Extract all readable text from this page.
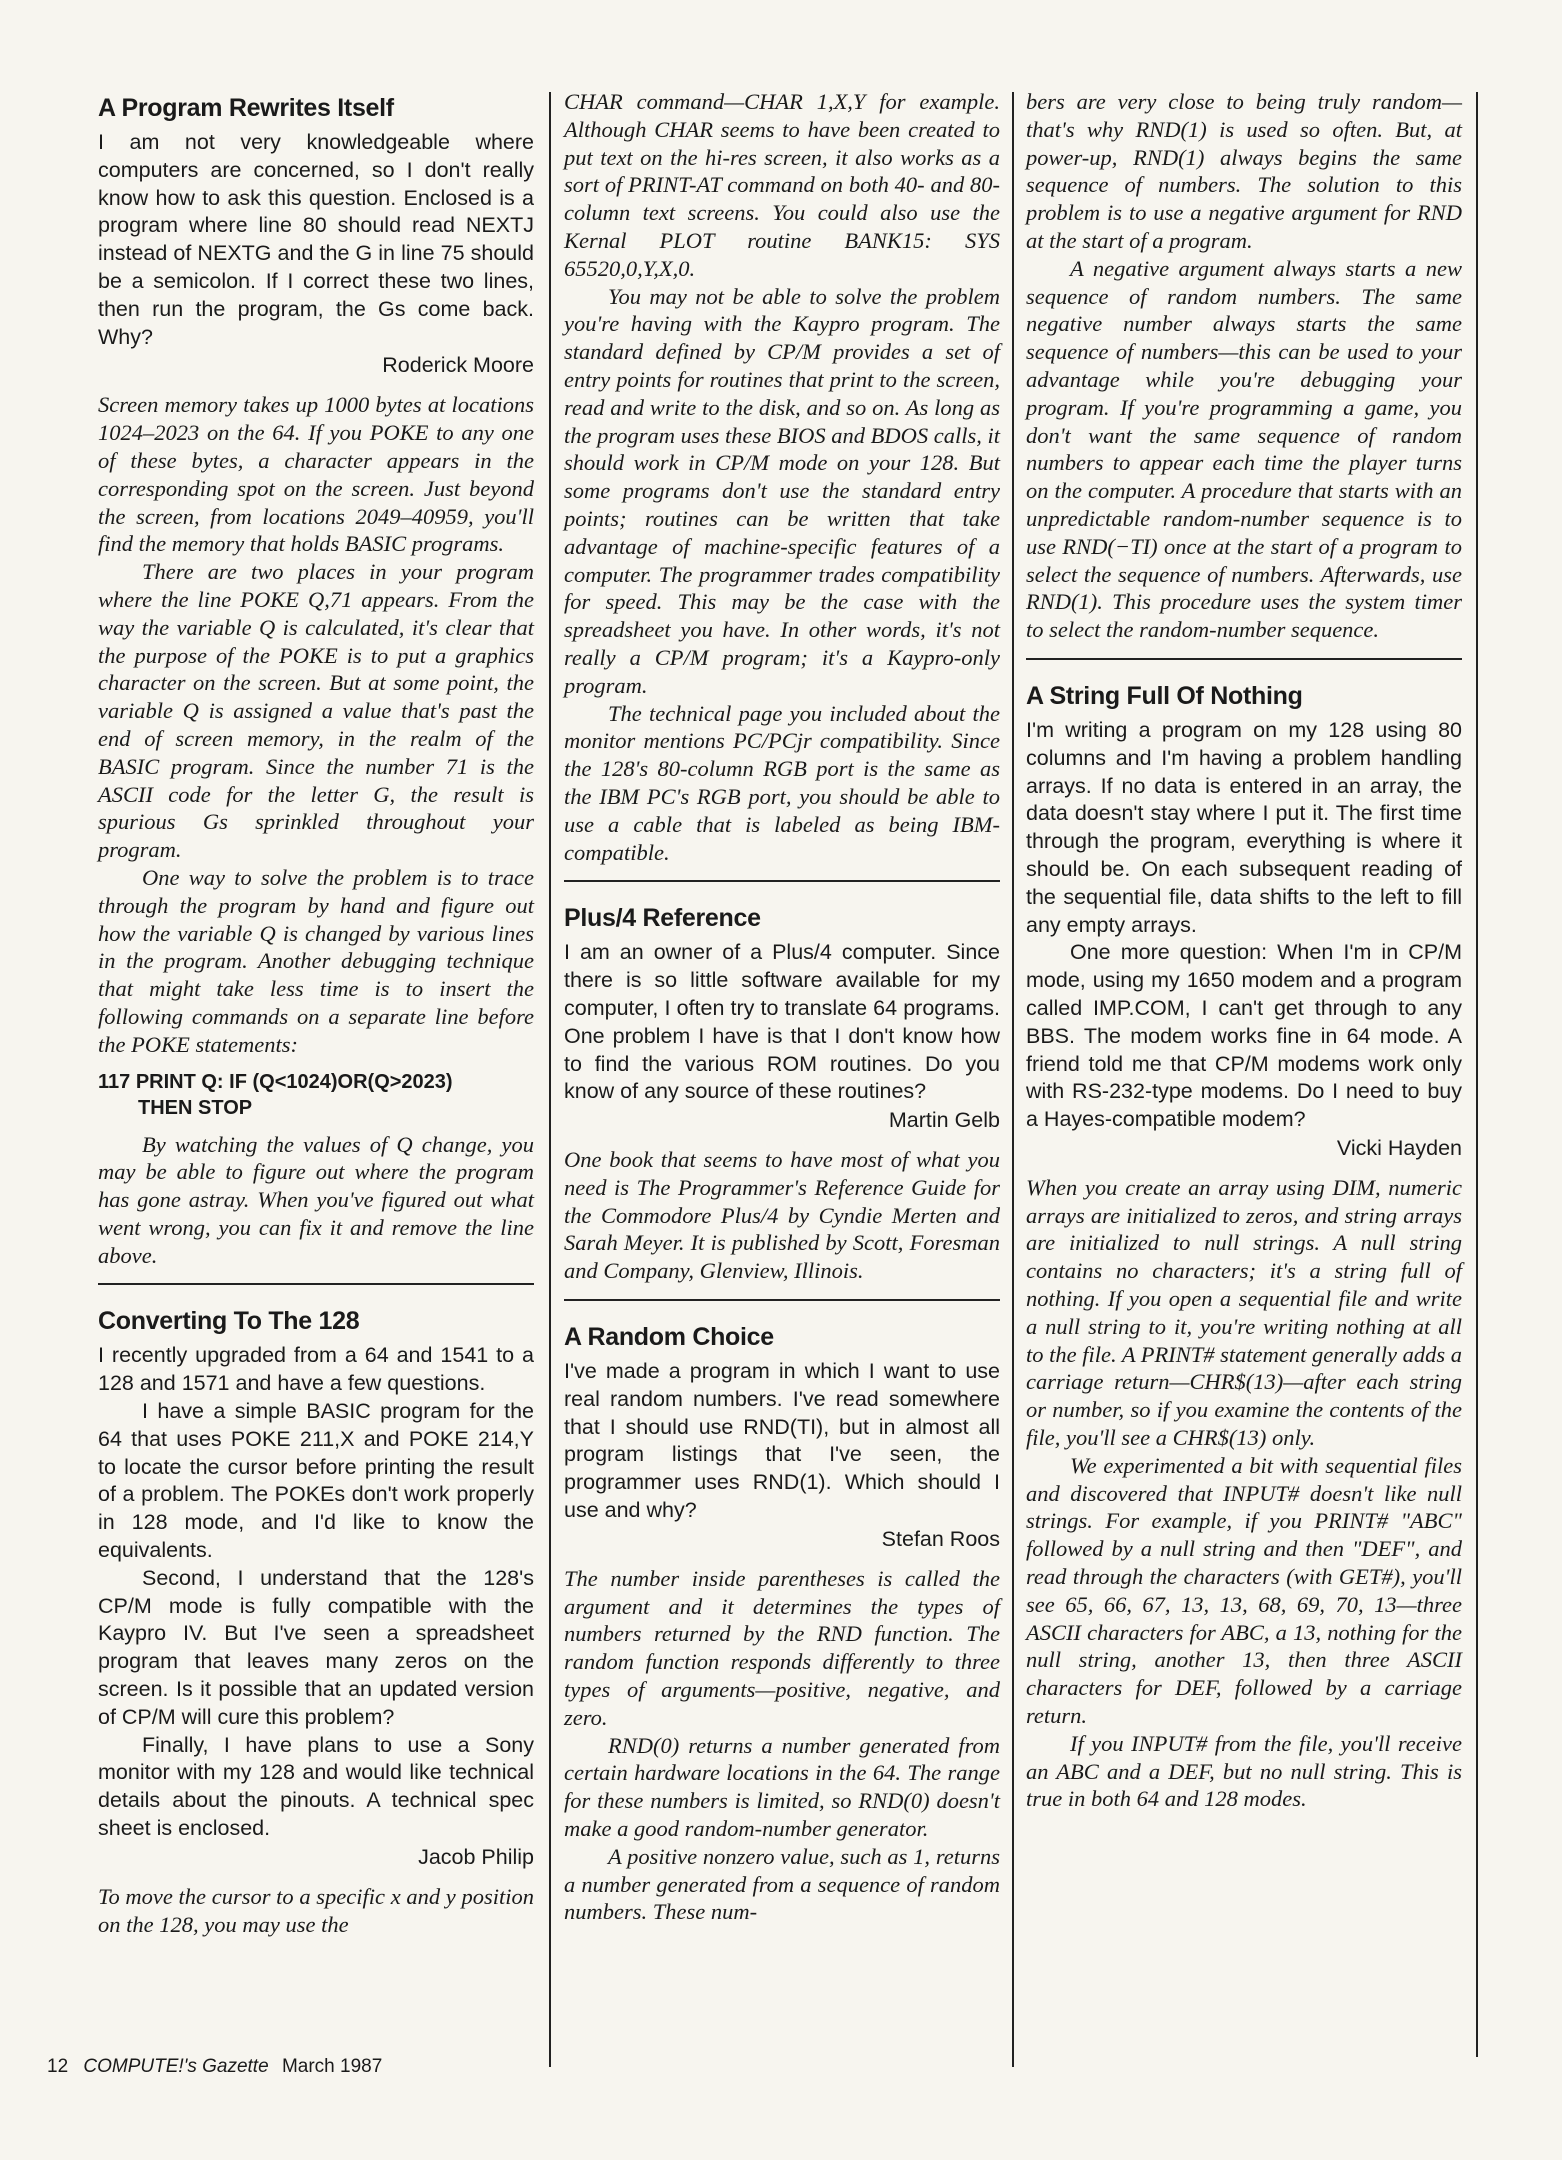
A Program Rewrites Itself

I am not very knowledgeable where computers are concerned, so I don't really know how to ask this question. Enclosed is a program where line 80 should read NEXTJ instead of NEXTG and the G in line 75 should be a semicolon. If I correct these two lines, then run the program, the Gs come back. Why?

Roderick Moore

Screen memory takes up 1000 bytes at locations 1024–2023 on the 64. If you POKE to any one of these bytes, a character appears in the corresponding spot on the screen. Just beyond the screen, from locations 2049–40959, you'll find the memory that holds BASIC programs.

There are two places in your program where the line POKE Q,71 appears. From the way the variable Q is calculated, it's clear that the purpose of the POKE is to put a graphics character on the screen. But at some point, the variable Q is assigned a value that's past the end of screen memory, in the realm of the BASIC program. Since the number 71 is the ASCII code for the letter G, the result is spurious Gs sprinkled throughout your program.

One way to solve the problem is to trace through the program by hand and figure out how the variable Q is changed by various lines in the program. Another debugging technique that might take less time is to insert the following commands on a separate line before the POKE statements:

117 PRINT Q: IF (Q<1024)OR(Q>2023)
THEN STOP

By watching the values of Q change, you may be able to figure out where the program has gone astray. When you've figured out what went wrong, you can fix it and remove the line above.

Converting To The 128

I recently upgraded from a 64 and 1541 to a 128 and 1571 and have a few questions.

I have a simple BASIC program for the 64 that uses POKE 211,X and POKE 214,Y to locate the cursor before printing the result of a problem. The POKEs don't work properly in 128 mode, and I'd like to know the equivalents.

Second, I understand that the 128's CP/M mode is fully compatible with the Kaypro IV. But I've seen a spreadsheet program that leaves many zeros on the screen. Is it possible that an updated version of CP/M will cure this problem?

Finally, I have plans to use a Sony monitor with my 128 and would like technical details about the pinouts. A technical spec sheet is enclosed.

Jacob Philip

To move the cursor to a specific x and y position on the 128, you may use the

CHAR command—CHAR 1,X,Y for example. Although CHAR seems to have been created to put text on the hi-res screen, it also works as a sort of PRINT-AT command on both 40- and 80-column text screens. You could also use the Kernal PLOT routine BANK15: SYS 65520,0,Y,X,0.

You may not be able to solve the problem you're having with the Kaypro program. The standard defined by CP/M provides a set of entry points for routines that print to the screen, read and write to the disk, and so on. As long as the program uses these BIOS and BDOS calls, it should work in CP/M mode on your 128. But some programs don't use the standard entry points; routines can be written that take advantage of machine-specific features of a computer. The programmer trades compatibility for speed. This may be the case with the spreadsheet you have. In other words, it's not really a CP/M program; it's a Kaypro-only program.

The technical page you included about the monitor mentions PC/PCjr compatibility. Since the 128's 80-column RGB port is the same as the IBM PC's RGB port, you should be able to use a cable that is labeled as being IBM-compatible.

Plus/4 Reference

I am an owner of a Plus/4 computer. Since there is so little software available for my computer, I often try to translate 64 programs. One problem I have is that I don't know how to find the various ROM routines. Do you know of any source of these routines?

Martin Gelb

One book that seems to have most of what you need is The Programmer's Reference Guide for the Commodore Plus/4 by Cyndie Merten and Sarah Meyer. It is published by Scott, Foresman and Company, Glenview, Illinois.

A Random Choice

I've made a program in which I want to use real random numbers. I've read somewhere that I should use RND(TI), but in almost all program listings that I've seen, the programmer uses RND(1). Which should I use and why?

Stefan Roos

The number inside parentheses is called the argument and it determines the types of numbers returned by the RND function. The random function responds differently to three types of arguments—positive, negative, and zero.

RND(0) returns a number generated from certain hardware locations in the 64. The range for these numbers is limited, so RND(0) doesn't make a good random-number generator.

A positive nonzero value, such as 1, returns a number generated from a sequence of random numbers. These num-

bers are very close to being truly random—that's why RND(1) is used so often. But, at power-up, RND(1) always begins the same sequence of numbers. The solution to this problem is to use a negative argument for RND at the start of a program.

A negative argument always starts a new sequence of random numbers. The same negative number always starts the same sequence of numbers—this can be used to your advantage while you're debugging your program. If you're programming a game, you don't want the same sequence of random numbers to appear each time the player turns on the computer. A procedure that starts with an unpredictable random-number sequence is to use RND(−TI) once at the start of a program to select the sequence of numbers. Afterwards, use RND(1). This procedure uses the system timer to select the random-number sequence.

A String Full Of Nothing

I'm writing a program on my 128 using 80 columns and I'm having a problem handling arrays. If no data is entered in an array, the data doesn't stay where I put it. The first time through the program, everything is where it should be. On each subsequent reading of the sequential file, data shifts to the left to fill any empty arrays.

One more question: When I'm in CP/M mode, using my 1650 modem and a program called IMP.COM, I can't get through to any BBS. The modem works fine in 64 mode. A friend told me that CP/M modems work only with RS-232-type modems. Do I need to buy a Hayes-compatible modem?

Vicki Hayden

When you create an array using DIM, numeric arrays are initialized to zeros, and string arrays are initialized to null strings. A null string contains no characters; it's a string full of nothing. If you open a sequential file and write a null string to it, you're writing nothing at all to the file. A PRINT# statement generally adds a carriage return—CHR$(13)—after each string or number, so if you examine the contents of the file, you'll see a CHR$(13) only.

We experimented a bit with sequential files and discovered that INPUT# doesn't like null strings. For example, if you PRINT# "ABC" followed by a null string and then "DEF", and read through the characters (with GET#), you'll see 65, 66, 67, 13, 13, 68, 69, 70, 13—three ASCII characters for ABC, a 13, nothing for the null string, another 13, then three ASCII characters for DEF, followed by a carriage return.

If you INPUT# from the file, you'll receive an ABC and a DEF, but no null string. This is true in both 64 and 128 modes.

12 COMPUTE!'s Gazette March 1987
